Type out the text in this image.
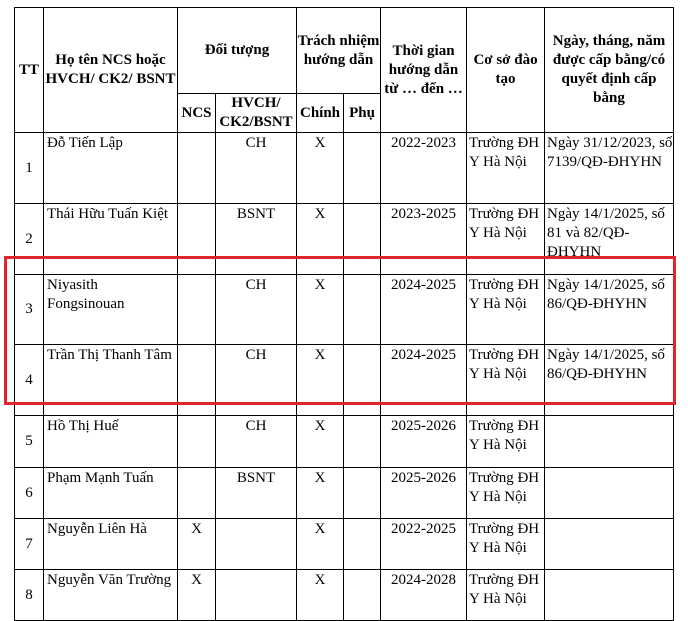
TT	Họ tên NCS hoặc HVCH/ CK2/ BSNT	Đối tượng		Trách nhiệm hướng dẫn		Thời gian hướng dẫn từ … đến …	Cơ sở đào tạo	Ngày, tháng, năm được cấp bằng/có quyết định cấp bằng
		NCS	HVCH/ CK2/BSNT	Chính	Phụ			
1	Đỗ Tiến Lập		CH	X		2022-2023	Trường ĐH Y Hà Nội	Ngày 31/12/2023, số 7139/QĐ-ĐHYHN
2	Thái Hữu Tuấn Kiệt		BSNT	X		2023-2025	Trường ĐH Y Hà Nội	Ngày 14/1/2025, số 81 và 82/QĐ-ĐHYHN
3	Niyasith Fongsinouan		CH	X		2024-2025	Trường ĐH Y Hà Nội	Ngày 14/1/2025, số 86/QĐ-ĐHYHN
4	Trần Thị Thanh Tâm		CH	X		2024-2025	Trường ĐH Y Hà Nội	Ngày 14/1/2025, số 86/QĐ-ĐHYHN
5	Hồ Thị Huế		CH	X		2025-2026	Trường ĐH Y Hà Nội	
6	Phạm Mạnh Tuấn		BSNT	X		2025-2026	Trường ĐH Y Hà Nội	
7	Nguyễn Liên Hà	X		X		2022-2025	Trường ĐH Y Hà Nội	
8	Nguyễn Văn Trường	X		X		2024-2028	Trường ĐH Y Hà Nội	
